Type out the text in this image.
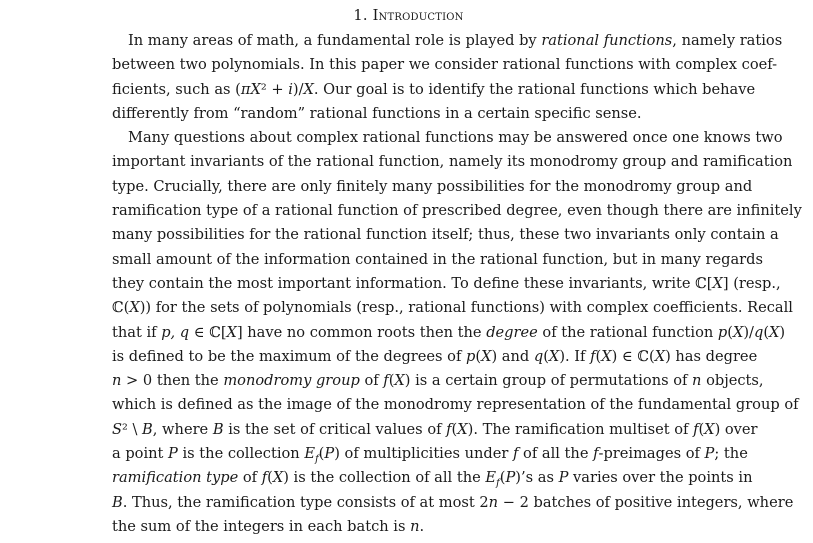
1. Introduction
In many areas of math, a fundamental role is played by rational functions, namely ratios
between two polynomials. In this paper we consider rational functions with complex coef-
ficients, such as (πX² + i)/X. Our goal is to identify the rational functions which behave
differently from “random” rational functions in a certain specific sense.
Many questions about complex rational functions may be answered once one knows two
important invariants of the rational function, namely its monodromy group and ramification
type. Crucially, there are only finitely many possibilities for the monodromy group and
ramification type of a rational function of prescribed degree, even though there are infinitely
many possibilities for the rational function itself; thus, these two invariants only contain a
small amount of the information contained in the rational function, but in many regards
they contain the most important information. To define these invariants, write ℂ[X] (resp.,
ℂ(X)) for the sets of polynomials (resp., rational functions) with complex coefficients. Recall
that if p, q ∈ ℂ[X] have no common roots then the degree of the rational function p(X)/q(X)
is defined to be the maximum of the degrees of p(X) and q(X). If f(X) ∈ ℂ(X) has degree
n > 0 then the monodromy group of f(X) is a certain group of permutations of n objects,
which is defined as the image of the monodromy representation of the fundamental group of
S² \ B, where B is the set of critical values of f(X). The ramification multiset of f(X) over
a point P is the collection $E_f(P)$ of multiplicities under f of all the f-preimages of P; the
ramification type of f(X) is the collection of all the $E_f(P)’s$ as P varies over the points in
B. Thus, the ramification type consists of at most 2n − 2 batches of positive integers, where
the sum of the integers in each batch is n.
